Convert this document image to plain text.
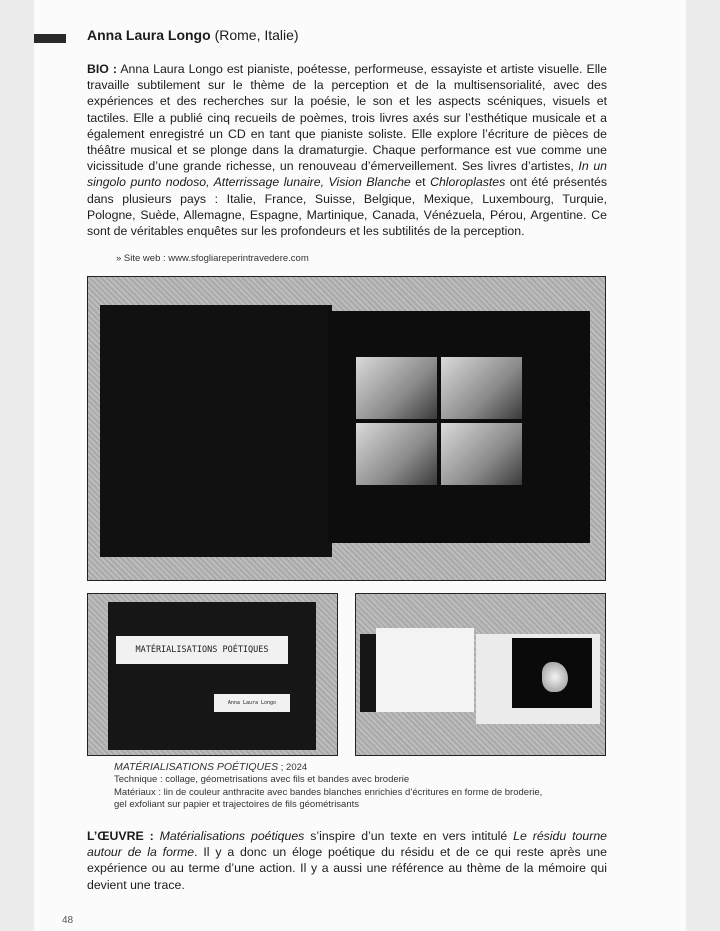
Anna Laura Longo (Rome, Italie)
BIO : Anna Laura Longo est pianiste, poétesse, performeuse, essayiste et artiste visuelle. Elle travaille subtilement sur le thème de la perception et de la multisensorialité, avec des expériences et des recherches sur la poésie, le son et les aspects scéniques, visuels et tactiles. Elle a publié cinq recueils de poèmes, trois livres axés sur l’esthétique musicale et a également enregistré un CD en tant que pianiste soliste. Elle explore l’écriture de pièces de théâtre musical et se plonge dans la dramaturgie. Chaque performance est vue comme une vicissitude d’une grande richesse, un renouveau d’émerveillement. Ses livres d’artistes, In un singolo punto nodoso, Atterrissage lunaire, Vision Blanche et Chloroplastes ont été présentés dans plusieurs pays : Italie, France, Suisse, Belgique, Mexique, Luxembourg, Turquie, Pologne, Suède, Allemagne, Espagne, Martinique, Canada, Vénézuela, Pérou, Argentine. Ce sont de véritables enquêtes sur les profondeurs et les subtilités de la perception.
» Site web : www.sfogliareperintravedere.com
MATÉRIALISATIONS POÉTIQUES
Anna Laura Longo
MATÉRIALISATIONS POÉTIQUES ; 2024
Technique : collage, géometrisations avec fils et bandes avec broderie
Matériaux : lin de couleur anthracite avec bandes blanches enrichies d’écritures en forme de broderie,
gel exfoliant sur papier et trajectoires de fils géométrisants
L’ŒUVRE : Matérialisations poétiques s’inspire d’un texte en vers intitulé Le résidu tourne autour de la forme. Il y a donc un éloge poétique du résidu et de ce qui reste après une expérience ou au terme d’une action. Il y a aussi une référence au thème de la mémoire qui devient une trace.
48
